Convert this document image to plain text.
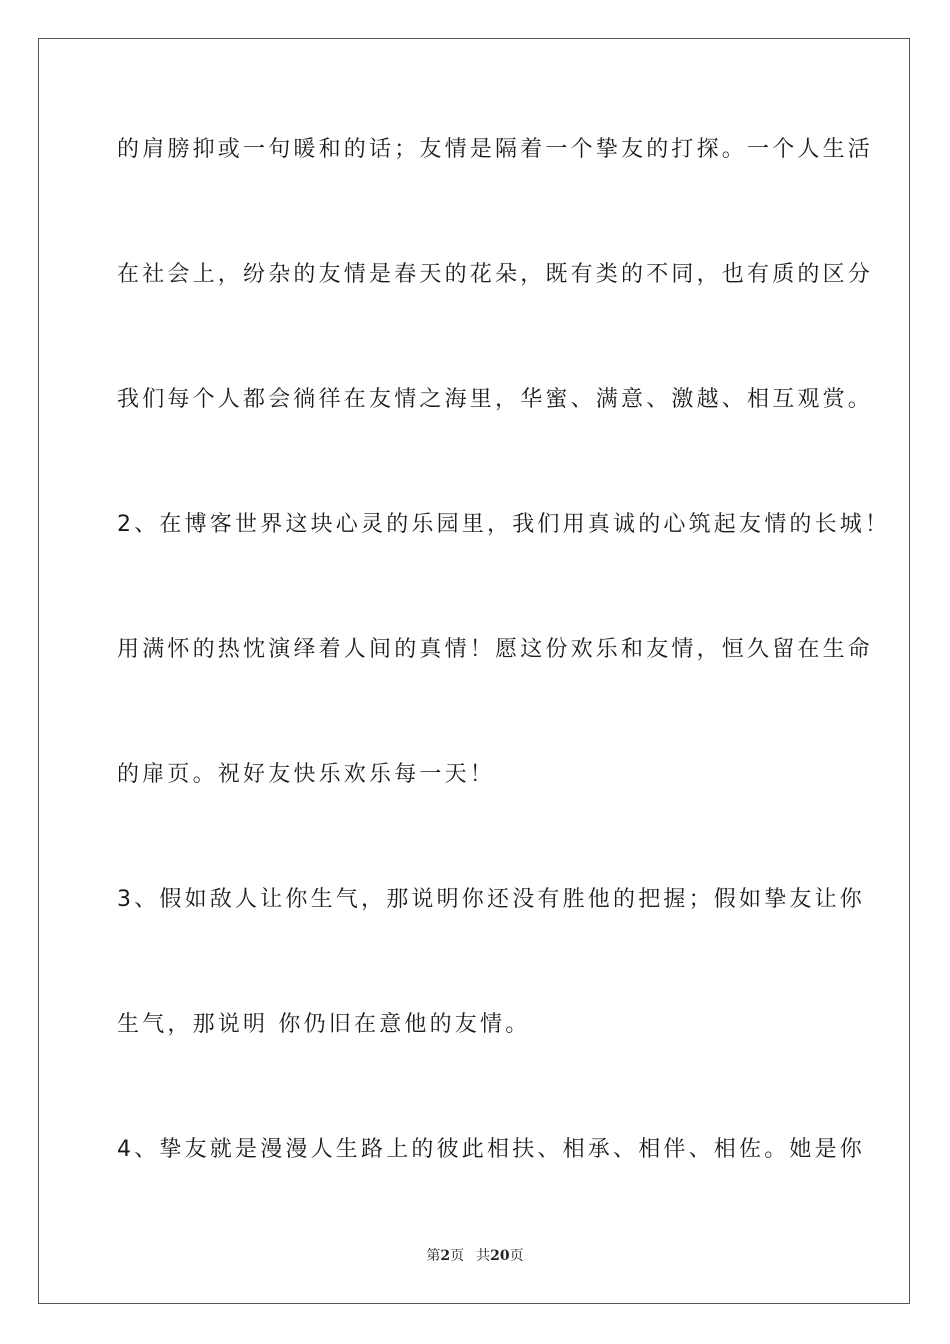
的肩膀抑或一句暖和的话；友情是隔着一个挚友的打探。一个人生活
在社会上，纷杂的友情是春天的花朵，既有类的不同，也有质的区分
我们每个人都会徜徉在友情之海里，华蜜、满意、激越、相互观赏。
2、在博客世界这块心灵的乐园里，我们用真诚的心筑起友情的长城！
用满怀的热忱演绎着人间的真情！愿这份欢乐和友情，恒久留在生命
的扉页。祝好友快乐欢乐每一天！
3、假如敌人让你生气，那说明你还没有胜他的把握；假如挚友让你
生气，那说明 你仍旧在意他的友情。
4、挚友就是漫漫人生路上的彼此相扶、相承、相伴、相佐。她是你
第2页 共20页
